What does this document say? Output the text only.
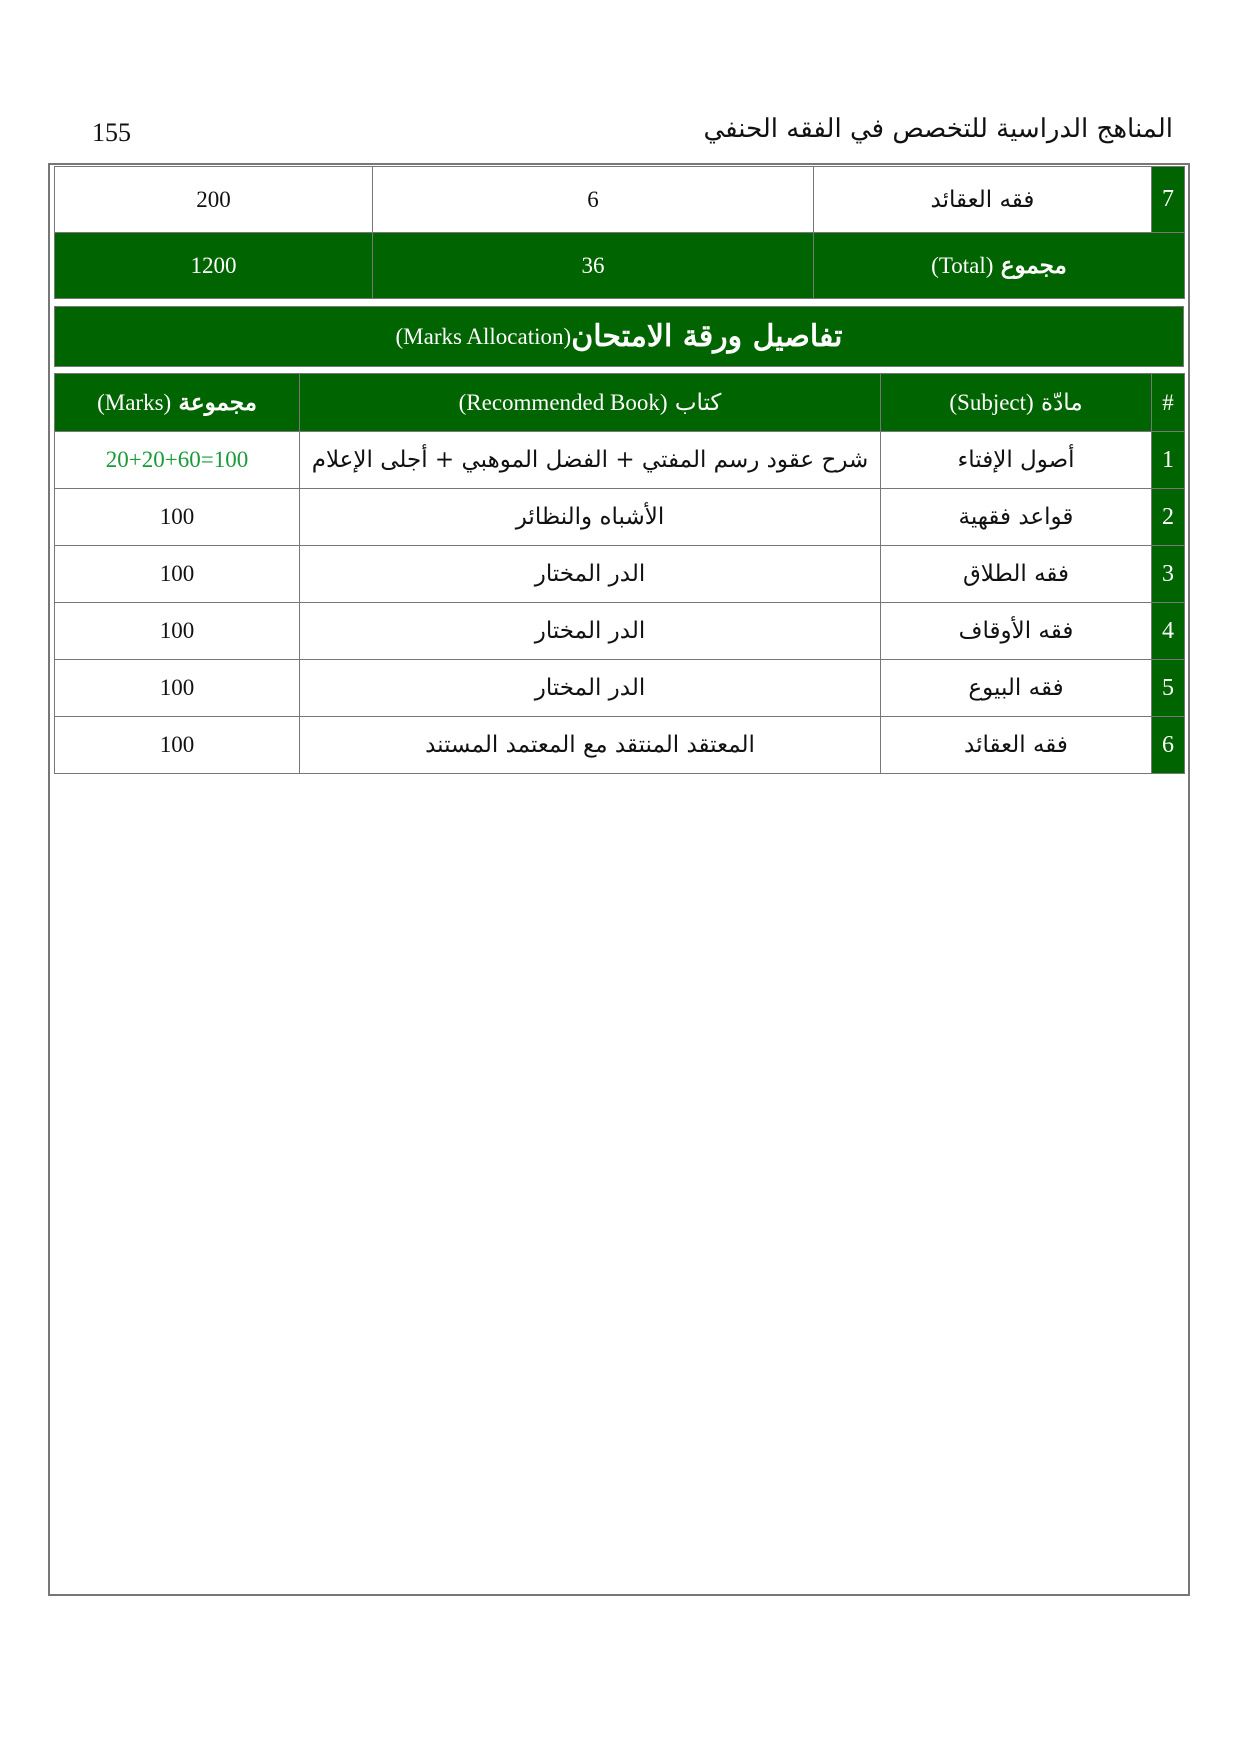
155	المناهج الدراسية للتخصص في الفقه الحنفي
7	فقه العقائد	6	200
مجموع (Total)		36	1200
تفاصيل ورقة الامتحان
(Marks Allocation)
#	مادّة (Subject)	كتاب (Recommended Book)	مجموعة (Marks)
1	أصول الإفتاء	شرح عقود رسم المفتي + الفضل الموهبي + أجلى الإعلام	20+20+60=100
2	قواعد فقهية	الأشباه والنظائر	100
3	فقه الطلاق	الدر المختار	100
4	فقه الأوقاف	الدر المختار	100
5	فقه البيوع	الدر المختار	100
6	فقه العقائد	المعتقد المنتقد مع المعتمد المستند	100
